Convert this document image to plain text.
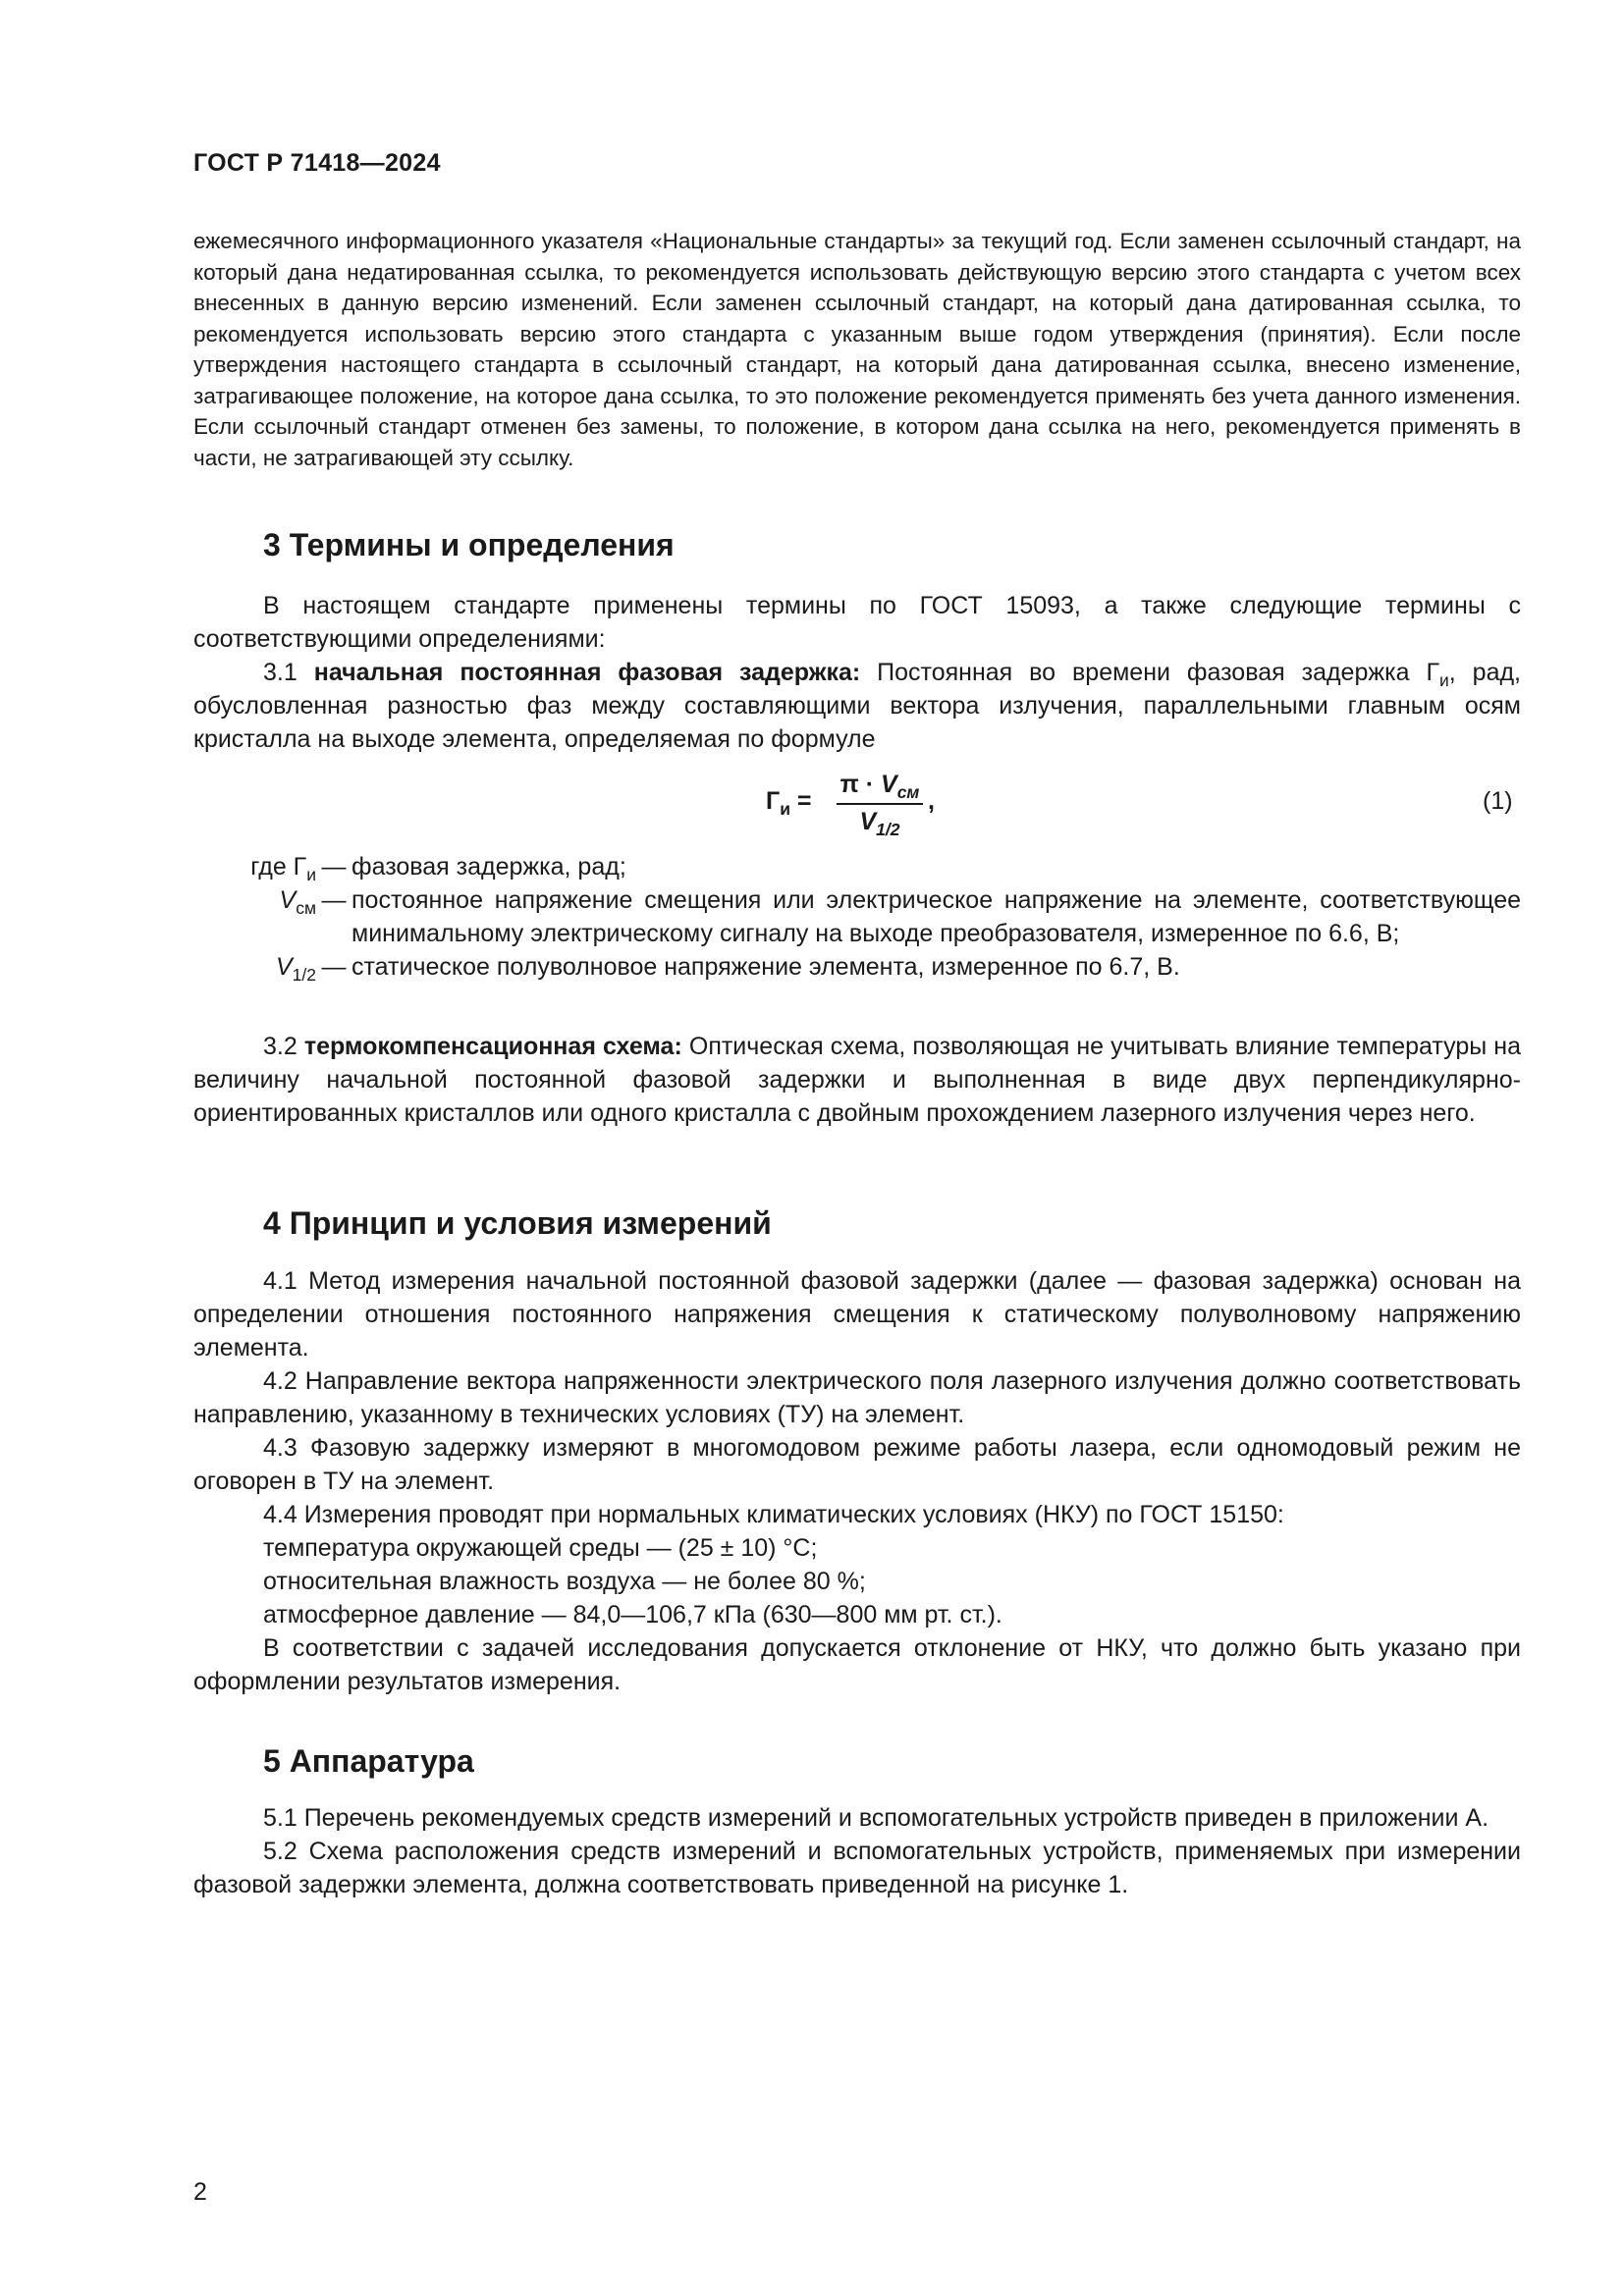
ГОСТ Р 71418—2024
ежемесячного информационного указателя «Национальные стандарты» за текущий год. Если заменен ссылочный стандарт, на который дана недатированная ссылка, то рекомендуется использовать действующую версию этого стандарта с учетом всех внесенных в данную версию изменений. Если заменен ссылочный стандарт, на который дана датированная ссылка, то рекомендуется использовать версию этого стандарта с указанным выше годом утверждения (принятия). Если после утверждения настоящего стандарта в ссылочный стандарт, на который дана датированная ссылка, внесено изменение, затрагивающее положение, на которое дана ссылка, то это положение рекомендуется применять без учета данного изменения. Если ссылочный стандарт отменен без замены, то положение, в котором дана ссылка на него, рекомендуется применять в части, не затрагивающей эту ссылку.
3 Термины и определения

В настоящем стандарте применены термины по ГОСТ 15093, а также следующие термины с соответствующими определениями:

3.1 начальная постоянная фазовая задержка: Постоянная во времени фазовая задержка $Г_и$, рад, обусловленная разностью фаз между составляющими вектора излучения, параллельными главным осям кристалла на выходе элемента, определяемая по формуле

$Г_и$ =
$\pi \cdot V_{см}$
$V_{1/2}$
,	(1)
где $Г_и$ — фазовая задержка, рад;
$V_{см}$ — постоянное напряжение смещения или электрическое напряжение на элементе, соответствующее минимальному электрическому сигналу на выходе преобразователя, измеренное по 6.6, В;
$V_{1/2}$ — статическое полуволновое напряжение элемента, измеренное по 6.7, В.

3.2 термокомпенсационная схема: Оптическая схема, позволяющая не учитывать влияние температуры на величину начальной постоянной фазовой задержки и выполненная в виде двух перпендикулярно-ориентированных кристаллов или одного кристалла с двойным прохождением лазерного излучения через него.

4 Принцип и условия измерений

4.1 Метод измерения начальной постоянной фазовой задержки (далее — фазовая задержка) основан на определении отношения постоянного напряжения смещения к статическому полуволновому напряжению элемента.

4.2 Направление вектора напряженности электрического поля лазерного излучения должно соответствовать направлению, указанному в технических условиях (ТУ) на элемент.

4.3 Фазовую задержку измеряют в многомодовом режиме работы лазера, если одномодовый режим не оговорен в ТУ на элемент.

4.4 Измерения проводят при нормальных климатических условиях (НКУ) по ГОСТ 15150:

температура окружающей среды — (25 ± 10) °C;

относительная влажность воздуха — не более 80 %;

атмосферное давление — 84,0—106,7 кПа (630—800 мм рт. ст.).

В соответствии с задачей исследования допускается отклонение от НКУ, что должно быть указано при оформлении результатов измерения.

5 Аппаратура

5.1 Перечень рекомендуемых средств измерений и вспомогательных устройств приведен в приложении А.

5.2 Схема расположения средств измерений и вспомогательных устройств, применяемых при измерении фазовой задержки элемента, должна соответствовать приведенной на рисунке 1.

2
